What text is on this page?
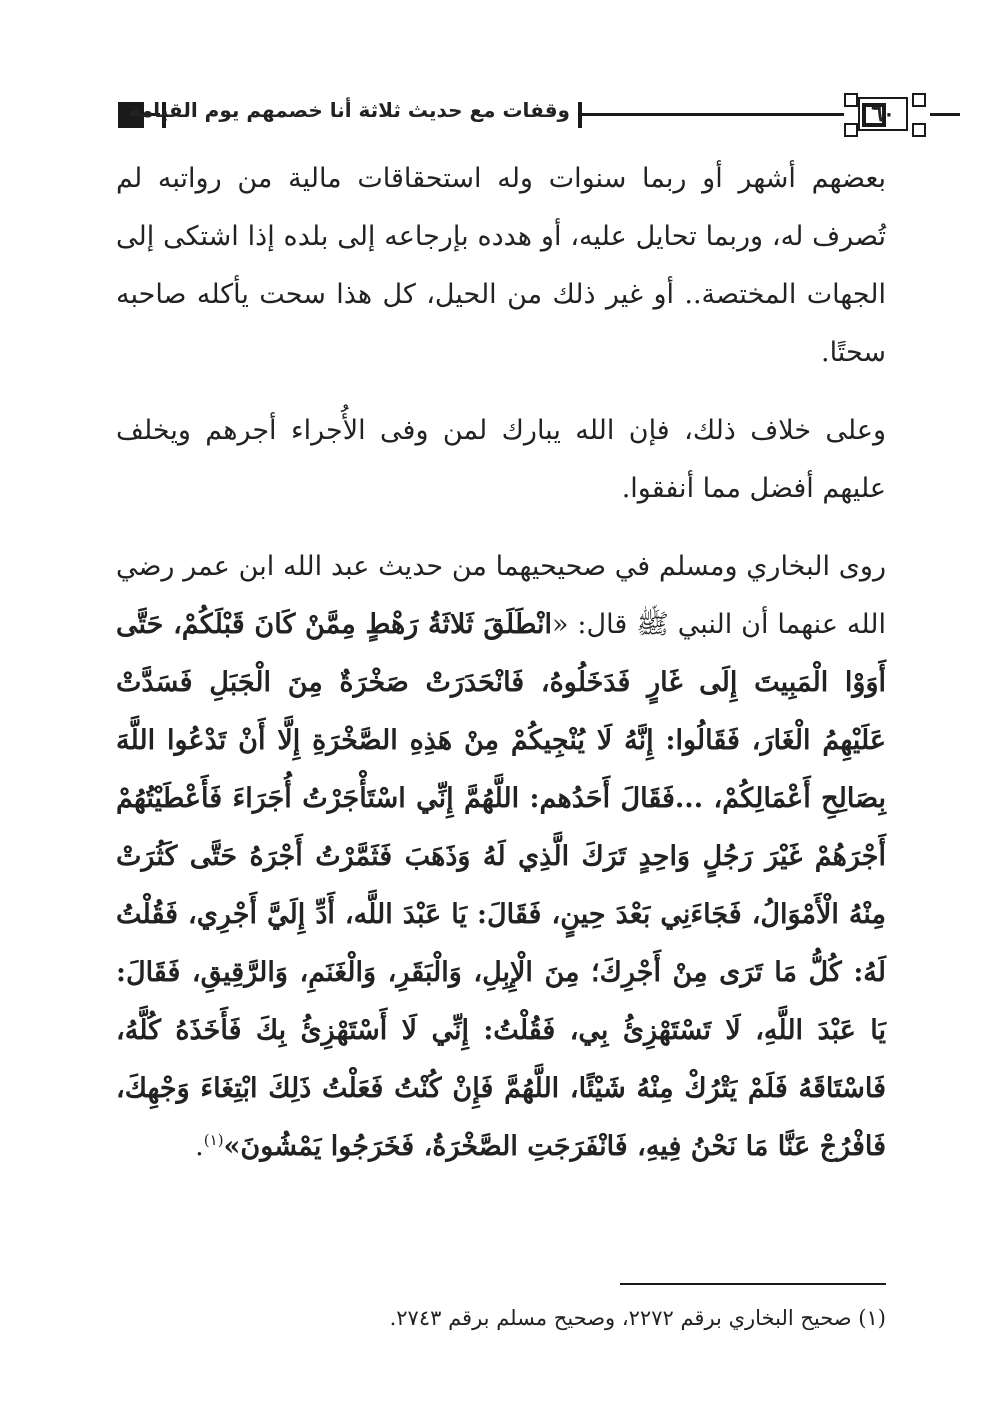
وقفات مع حديث ثلاثة أنا خصمهم يوم القيامة	٦٠

بعضهم أشهر أو ربما سنوات وله استحقاقات مالية من رواتبه لم تُصرف له، وربما تحايل عليه، أو هدده بإرجاعه إلى بلده إذا اشتكى إلى الجهات المختصة.. أو غير ذلك من الحيل، كل هذا سحت يأكله صاحبه سحتًا.

وعلى خلاف ذلك، فإن الله يبارك لمن وفى الأُجراء أجرهم ويخلف عليهم أفضل مما أنفقوا.

روى البخاري ومسلم في صحيحيهما من حديث عبد الله ابن عمر رضي الله عنهما أن النبي ﷺ قال: «انْطَلَقَ ثَلاثَةُ رَهْطٍ مِمَّنْ كَانَ قَبْلَكُمْ، حَتَّى أَوَوْا الْمَبِيتَ إِلَى غَارٍ فَدَخَلُوهُ، فَانْحَدَرَتْ صَخْرَةٌ مِنَ الْجَبَلِ فَسَدَّتْ عَلَيْهِمُ الْغَارَ، فَقَالُوا: إِنَّهُ لَا يُنْجِيكُمْ مِنْ هَذِهِ الصَّخْرَةِ إِلَّا أَنْ تَدْعُوا اللَّهَ بِصَالِحِ أَعْمَالِكُمْ، ...فَقَالَ أَحَدُهم: اللَّهُمَّ إِنِّي اسْتَأْجَرْتُ أُجَرَاءَ فَأَعْطَيْتُهُمْ أَجْرَهُمْ غَيْرَ رَجُلٍ وَاحِدٍ تَرَكَ الَّذِي لَهُ وَذَهَبَ فَثَمَّرْتُ أَجْرَهُ حَتَّى كَثُرَتْ مِنْهُ الْأَمْوَالُ، فَجَاءَنِي بَعْدَ حِينٍ، فَقَالَ: يَا عَبْدَ اللَّه، أَدِّ إِلَيَّ أَجْرِي، فَقُلْتُ لَهُ: كُلُّ مَا تَرَى مِنْ أَجْرِكَ؛ مِنَ الْإِبِلِ، وَالْبَقَرِ، وَالْغَنَمِ، وَالرَّقِيقِ، فَقَالَ: يَا عَبْدَ اللَّهِ، لَا تَسْتَهْزِئُ بِي، فَقُلْتُ: إِنِّي لَا أَسْتَهْزِئُ بِكَ فَأَخَذَهُ كُلَّهُ، فَاسْتَاقَهُ فَلَمْ يَتْرُكْ مِنْهُ شَيْئًا، اللَّهُمَّ فَإِنْ كُنْتُ فَعَلْتُ ذَلِكَ ابْتِغَاءَ وَجْهِكَ، فَافْرُجْ عَنَّا مَا نَحْنُ فِيهِ، فَانْفَرَجَتِ الصَّخْرَةُ، فَخَرَجُوا يَمْشُونَ»$^{(١)}$.

(١) صحيح البخاري برقم ٢٢٧٢، وصحيح مسلم برقم ٢٧٤٣.
